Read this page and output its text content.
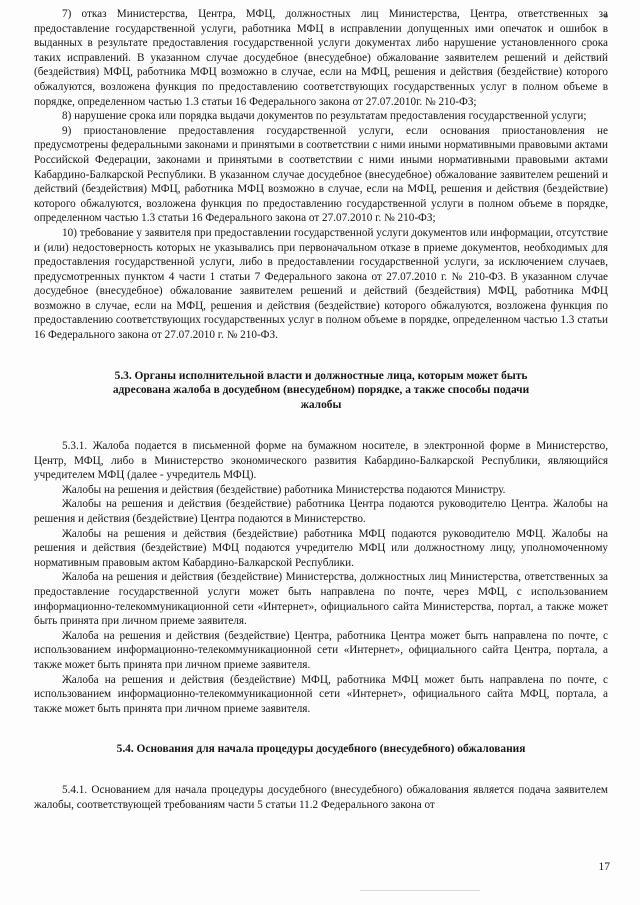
7) отказ Министерства, Центра, МФЦ, должностных лиц Министерства, Центра, ответственных за предоставление государственной услуги, работника МФЦ в исправлении допущенных ими опечаток и ошибок в выданных в результате предоставления государственной услуги документах либо нарушение установленного срока таких исправлений. В указанном случае досудебное (внесудебное) обжалование заявителем решений и действий (бездействия) МФЦ, работника МФЦ возможно в случае, если на МФЦ, решения и действия (бездействие) которого обжалуются, возложена функция по предоставлению соответствующих государственных услуг в полном объеме в порядке, определенном частью 1.3 статьи 16 Федерального закона от 27.07.2010г. № 210-ФЗ;

8) нарушение срока или порядка выдачи документов по результатам предоставления государственной услуги;

9) приостановление предоставления государственной услуги, если основания приостановления не предусмотрены федеральными законами и принятыми в соответствии с ними иными нормативными правовыми актами Российской Федерации, законами и принятыми в соответствии с ними иными нормативными правовыми актами Кабардино-Балкарской Республики. В указанном случае досудебное (внесудебное) обжалование заявителем решений и действий (бездействия) МФЦ, работника МФЦ возможно в случае, если на МФЦ, решения и действия (бездействие) которого обжалуются, возложена функция по предоставлению государственной услуги в полном объеме в порядке, определенном частью 1.3 статьи 16 Федерального закона от 27.07.2010 г. № 210-ФЗ;

10) требование у заявителя при предоставлении государственной услуги документов или информации, отсутствие и (или) недостоверность которых не указывались при первоначальном отказе в приеме документов, необходимых для предоставления государственной услуги, либо в предоставлении государственной услуги, за исключением случаев, предусмотренных пунктом 4 части 1 статьи 7 Федерального закона от 27.07.2010 г. № 210-ФЗ. В указанном случае досудебное (внесудебное) обжалование заявителем решений и действий (бездействия) МФЦ, работника МФЦ возможно в случае, если на МФЦ, решения и действия (бездействие) которого обжалуются, возложена функция по предоставлению соответствующих государственных услуг в полном объеме в порядке, определенном частью 1.3 статьи 16 Федерального закона от 27.07.2010 г. № 210-ФЗ.

5.3. Органы исполнительной власти и должностные лица, которым может быть адресована жалоба в досудебном (внесудебном) порядке, а также способы подачи жалобы

5.3.1. Жалоба подается в письменной форме на бумажном носителе, в электронной форме в Министерство, Центр, МФЦ, либо в Министерство экономического развития Кабардино-Балкарской Республики, являющийся учредителем МФЦ (далее - учредитель МФЦ).

Жалобы на решения и действия (бездействие) работника Министерства подаются Министру.

Жалобы на решения и действия (бездействие) работника Центра подаются руководителю Центра. Жалобы на решения и действия (бездействие) Центра подаются в Министерство.

Жалобы на решения и действия (бездействие) работника МФЦ подаются руководителю МФЦ. Жалобы на решения и действия (бездействие) МФЦ подаются учредителю МФЦ или должностному лицу, уполномоченному нормативным правовым актом Кабардино-Балкарской Республики.

Жалоба на решения и действия (бездействие) Министерства, должностных лиц Министерства, ответственных за предоставление государственной услуги может быть направлена по почте, через МФЦ, с использованием информационно-телекоммуникационной сети «Интернет», официального сайта Министерства, портал, а также может быть принята при личном приеме заявителя.

Жалоба на решения и действия (бездействие) Центра, работника Центра может быть направлена по почте, с использованием информационно-телекоммуникационной сети «Интернет», официального сайта Центра, портала, а также может быть принята при личном приеме заявителя.

Жалоба на решения и действия (бездействие) МФЦ, работника МФЦ может быть направлена по почте, с использованием информационно-телекоммуникационной сети «Интернет», официального сайта МФЦ, портала, а также может быть принята при личном приеме заявителя.

5.4. Основания для начала процедуры досудебного (внесудебного) обжалования

5.4.1. Основанием для начала процедуры досудебного (внесудебного) обжалования является подача заявителем жалобы, соответствующей требованиям части 5 статьи 11.2 Федерального закона от

17
